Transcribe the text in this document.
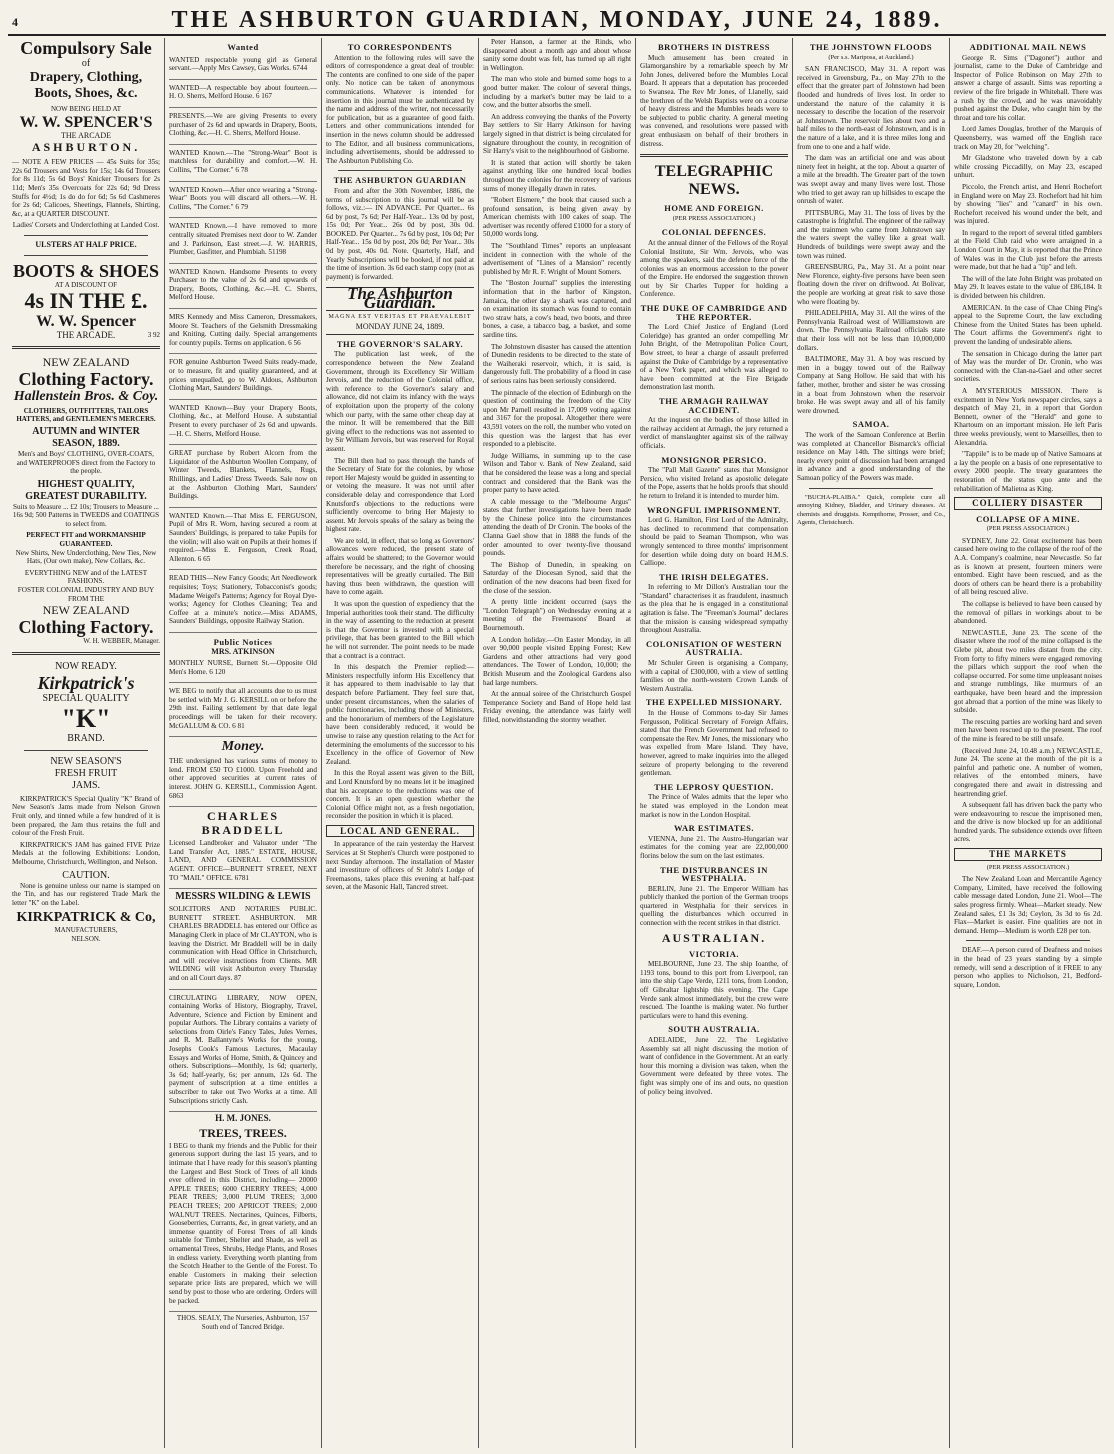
4	THE ASHBURTON GUARDIAN, MONDAY, JUNE 24, 1889.
Compulsory Sale
of
Drapery, Clothing, Boots, Shoes, &c.
NOW BEING HELD AT
W. W. SPENCER'S
THE ARCADE
ASHBURTON.

— NOTE A FEW PRICES — 45s Suits for 35s; 22s 6d Trousers and Vests for 15s; 14s 6d Trousers for 8s 11d; 5s 6d Boys' Knicker Trousers for 2s 11d; Men's 35s Overcoats for 22s 6d; 9d Dress Stuffs for 4½d; 1s do do for 6d; 5s 6d Cashmeres for 2s 6d; Calicoes, Sheetings, Flannels, Shirting, &c, at a QUARTER DISCOUNT.

Ladies' Corsets and Underclothing at Landed Cost.

ULSTERS AT HALF PRICE.
BOOTS & SHOES
AT A DISCOUNT OF
4s IN THE £.
W. W. Spencer
THE ARCADE.	3 92
NEW ZEALAND
Clothing Factory.
Hallenstein Bros. & Coy.
CLOTHIERS, OUTFITTERS, TAILORS HATTERS, and GENTLEMEN'S MERCERS.
AUTUMN and WINTER SEASON, 1889.

Men's and Boys' CLOTHING, OVER-COATS, and WATERPROOFS direct from the Factory to the people.

HIGHEST QUALITY,
GREATEST DURABILITY.

Suits to Measure ... £2 10s; Trousers to Measure ... 16s 9d; 500 Patterns in TWEEDS and COATINGS to select from.

PERFECT FIT and WORKMANSHIP GUARANTEED.

New Shirts, New Underclothing, New Ties, New Hats, (Our own make), New Collars, &c.

EVERYTHING NEW and of the LATEST FASHIONS.
FOSTER COLONIAL INDUSTRY AND BUY FROM THE
NEW ZEALAND
Clothing Factory.
W. H. WEBBER, Manager.
NOW READY.
Kirkpatrick's
SPECIAL QUALITY
"K"
BRAND.
NEW SEASON'S
FRESH FRUIT
JAMS.

KIRKPATRICK'S Special Quality "K" Brand of New Season's Jams made from Nelson Grown Fruit only, and tinned while a few hundred of it is been prepared, the Jam thus retains the full and colour of the Fresh Fruit.

KIRKPATRICK'S JAM has gained FIVE Prize Medals at the following Exhibitions: London, Melbourne, Christchurch, Wellington, and Nelson.

CAUTION.

None is genuine unless our name is stamped on the Tin, and has our registered Trade Mark the letter "K" on the Label.

KIRKPATRICK & Co,
MANUFACTURERS,
NELSON.
Wanted

WANTED respectable young girl as General servant.—Apply Mrs Cawsey, Gas Works. 6744

WANTED—A respectable boy about fourteen.—H. O. Sherrs, Melford House. 6 167

PRESENTS.—We are giving Presents to every purchaser of 2s 6d and upwards in Drapery, Boots, Clothing, &c.—H. C. Sherrs, Melford House.

WANTED Known.—The "Strong-Wear" Boot is matchless for durability and comfort.—W. H. Collins, "The Corner." 6 78

WANTED Known—After once wearing a "Strong-Wear" Boots you will discard all others.—W. H. Collins, "The Corner." 6 79

WANTED Known.—I have removed to more centrally situated Premises next door to W. Zander and J. Parkinson, East street.—J. W. HARRIS, Plumber, Gasfitter, and Plumbiah. 51198

WANTED Known. Handsome Presents to every Purchaser to the value of 2s 6d and upwards of Drapery, Boots, Clothing, &c.—H. C. Sherrs, Melford House.

MRS Kennedy and Miss Cameron, Dressmakers, Moore St. Teachers of the Gelsmith Dressmaking and Kniting. Cutting daily. Special arrangements for country pupils. Terms on application. 6 56

FOR genuine Ashburton Tweed Suits ready-made, or to measure, fit and quality guaranteed, and at prices unequalled, go to W. Aldous, Ashburton Clothing Mart, Saunders' Buildings.

WANTED Known—Buy your Drapery Boots, Clothing, &c., at Melford House. A substantial Present to every purchaser of 2s 6d and upwards.—H. C. Sherrs, Melford House.

GREAT purchase by Robert Alcorn from the Liquidator of the Ashburton Woollen Company, of Winter Tweeds, Blankets, Flannels, Rugs, Rhillings, and Ladies' Dress Tweeds. Sale now on at the Ashburton Clothing Mart, Saunders' Buildings.

WANTED Known.—That Miss E. FERGUSON, Pupil of Mrs R. Worn, having secured a room at Saunders' Buildings, is prepared to take Pupils for the violin; will also wait on Pupils at their homes if required.—Miss E. Ferguson, Creek Road, Allenton. 6 65

READ THIS—New Fancy Goods; Art Needlework requisites; Toys; Stationery, Tobacconist's goods; Madame Weigel's Patterns; Agency for Royal Dye-works; Agency for Clothes Cleaning; Tea and Coffee at a minute's notice.—Miss ADAMS, Saunders' Buildings, opposite Railway Station.

Public Notices
MRS. ATKINSON

MONTHLY NURSE, Burnett St.—Opposite Old Men's Home. 6 120

WE BEG to notify that all accounts due to us must be settled with Mr J. G. KERSILL on or before the 29th inst. Failing settlement by that date legal proceedings will be taken for their recovery. McGALLUM & CO. 6 81

Money.

THE undersigned has various sums of money to lend. FROM £50 TO £1000. Upon Freehold and other approved securities at current rates of interest. JOHN G. KERSILL, Commission Agent. 6863

CHARLES BRADDELL

Licensed Landbroker and Valuator under "The Land Transfer Act, 1885." ESTATE, HOUSE, LAND, AND GENERAL COMMISSION AGENT. OFFICE—BURNETT STREET, NEXT TO "MAIL" OFFICE. 6781

MESSRS WILDING & LEWIS

SOLICITORS AND NOTARIES PUBLIC. BURNETT STREET. ASHBURTON. MR CHARLES BRADDELL has entered our Office as Managing Clerk in place of Mr CLAYTON, who is leaving the District. Mr Braddell will be in daily communication with Head Office in Christchurch, and will receive instructions from Clients. MR WILDING will visit Ashburton every Thursday and on all Court days. 87

CIRCULATING LIBRARY, NOW OPEN, containing Works of History, Biography, Travel, Adventure, Science and Fiction by Eminent and popular Authors. The Library contains a variety of selections from Oirle's Fancy Tales, Jules Vernes, and R. M. Ballantyne's Works for the young, Josephs Cook's Famous Lectures, Macaulay Essays and Works of Home, Smith, & Quincey and others. Subscriptions—Monthly, 1s 6d; quarterly, 3s 6d; half-yearly, 6s; per annum, 12s 6d. The payment of subscription at a time entitles a subscriber to take out Two Works at a time. All Subscriptions strictly Cash.

H. M. JONES.
TREES, TREES.

I BEG to thank my friends and the Public for their generous support during the last 15 years, and to intimate that I have ready for this season's planting the Largest and Best Stock of Trees of all kinds ever offered in this District, including— 20000 APPLE TREES; 6000 CHERRY TREES; 4,000 PEAR TREES; 3,000 PLUM TREES; 3,000 PEACH TREES; 200 APRICOT TREES; 2,000 WALNUT TREES. Nectarines, Quinces, Filberts, Gooseberries, Currants, &c, in great variety, and an immense quantity of Forest Trees of all kinds suitable for Timber, Shelter and Shade, as well as ornamental Trees, Shrubs, Hedge Plants, and Roses in endless variety. Everything worth planting from the Scotch Heather to the Gentle of the Forest. To enable Customers in making their selection separate price lists are prepared, which we will send by post to those who are ordering. Orders will be packed.

THOS. SEALY, The Nurseries, Ashburton, 157 South end of Tancred Bridge.
TO CORRESPONDENTS

Attention to the following rules will save the editors of correspondence a great deal of trouble: The contents are confined to one side of the paper only. No notice can be taken of anonymous communications. Whatever is intended for insertion in this journal must be authenticated by the name and address of the writer, not necessarily for publication, but as a guarantee of good faith. Letters and other communications intended for insertion in the news column should be addressed to The Editor, and all business communications, including advertisements, should be addressed to The Ashburton Publishing Co.

THE ASHBURTON GUARDIAN

From and after the 30th November, 1886, the terms of subscription to this journal will be as follows, viz.:— IN ADVANCE. Per Quarter... 6s 6d by post, 7s 6d; Per Half-Year... 13s 0d by post, 15s 0d; Per Year... 26s 0d by post, 30s 0d. BOOKED. Per Quarter... 7s 6d by post, 10s 0d; Per Half-Year... 15s 0d by post, 20s 0d; Per Year... 30s 0d by post, 40s 0d. Note. Quarterly, Half, and Yearly Subscriptions will be booked, if not paid at the time of insertion. 3s 6d each stamp copy (not as payment) is forwarded.

The Ashburton Guardian.
MAGNA EST VERITAS ET PRAEVALEBIT
MONDAY JUNE 24, 1889.
THE GOVERNOR'S SALARY.

The publication last week, of the correspondence between the New Zealand Government, through its Excellency Sir William Jervois, and the reduction of the Colonial office, with reference to the Governor's salary and allowance, did not claim its infancy with the ways of exploitation upon the property of the colony which our party, with the same other cheap day at the minor. It will be remembered that the Bill giving effect to the reductions was not assented to by Sir William Jervois, but was reserved for Royal assent.

The Bill then had to pass through the hands of the Secretary of State for the colonies, by whose report Her Majesty would be guided in assenting to or vetoing the measure. It was not until after considerable delay and correspondence that Lord Knutsford's objections to the reductions were sufficiently overcome to bring Her Majesty to assent. Mr Jervois speaks of the salary as being the highest rate.

We are told, in effect, that so long as Governors' allowances were reduced, the present state of affairs would be shattered; to the Governor would therefore be necessary, and the right of choosing representatives will be greatly curtailed. The Bill having thus been withdrawn, the question will have to come again.

It was upon the question of expediency that the Imperial authorities took their stand. The difficulty in the way of assenting to the reduction at present is that the Governor is invested with a special privilege, that has been granted to the Bill which he will not surrender. The point needs to be made that a contract is a contract.

In this despatch the Premier replied:— Ministers respectfully inform His Excellency that it has appeared to them inadvisable to lay that despatch before Parliament. They feel sure that, under present circumstances, when the salaries of public functionaries, including those of Ministers, and the honorarium of members of the Legislature have been considerably reduced, it would be unwise to raise any question relating to the Act for determining the emoluments of the successor to his Excellency in the office of Governor of New Zealand.

In this the Royal assent was given to the Bill, and Lord Knutsford by no means let it be imagined that his acceptance to the reductions was one of concern. It is an open question whether the Colonial Office might not, as a fresh negotiation, reconsider the position in which it is placed.

LOCAL AND GENERAL.

In appearance of the rain yesterday the Harvest Services at St Stephen's Church were postponed to next Sunday afternoon. The installation of Master and investiture of officers of St John's Lodge of Freemasons, takes place this evening at half-past seven, at the Masonic Hall, Tancred street.

Peter Hanson, a farmer at the Rinds, who disappeared about a month ago and about whose sanity some doubt was felt, has turned up all right in Wellington.

The man who stole and burned some hogs to a good butter maker. The colour of several things, including by a market's butter may be laid to a cow, and the butter absorbs the smell.

An address conveying the thanks of the Poverty Bay settlers to Sir Harry Atkinson for having largely signed in that district is being circulated for signature throughout the county, in recognition of Sir Harry's visit to the neighbourhood of Gisborne.

It is stated that action will shortly be taken against anything like one hundred local bodies throughout the colonies for the recovery of various sums of money illegally drawn in rates.

"Robert Elsmere," the book that caused such a profound sensation, is being given away by American chemists with 100 cakes of soap. The advertiser was recently offered £1000 for a story of 50,000 words long.

The "Southland Times" reports an unpleasant incident in connection with the whole of the advertisement of "Lines of a Mansion" recently published by Mr R. F. Wright of Mount Somers.

The "Boston Journal" supplies the interesting information that in the harbor of Kingston, Jamaica, the other day a shark was captured, and on examination its stomach was found to contain two straw hats, a cow's head, two boots, and three bones, a case, a tabacco bag, a basket, and some sardine tins.

The Johnstown disaster has caused the attention of Dunedin residents to be directed to the state of the Waiheraki reservoir, which, it is said, is dangerously full. The probability of a flood in case of serious rains has been seriously considered.

The pinnacle of the election of Edinburgh on the question of continuing the freedom of the City upon Mr Parnell resulted in 17,009 voting against and 3167 for the proposal. Altogether there were 43,591 voters on the roll, the number who voted on this question was the largest that has ever responded to a plebiscite.

Judge Williams, in summing up to the case Wilson and Tabor v. Bank of New Zealand, said that he considered the lease was a long and special contract and considered that the Bank was the proper party to have acted.

A cable message to the "Melbourne Argus" states that further investigations have been made by the Chinese police into the circumstances attending the death of Dr Cronin. The books of the Clanna Gael show that in 1888 the funds of the order amounted to over twenty-five thousand pounds.

The Bishop of Dunedin, in speaking on Saturday of the Diocesan Synod, said that the ordination of the new deacons had been fixed for the close of the session.

A pretty little incident occurred (says the "London Telegraph") on Wednesday evening at a meeting of the Freemasons' Board at Bournemouth.

A London holiday.—On Easter Monday, in all over 90,000 people visited Epping Forest; Kew Gardens and other attractions had very good attendances. The Tower of London, 10,000; the British Museum and the Zoological Gardens also had large numbers.

At the annual soiree of the Christchurch Gospel Temperance Society and Band of Hope held last Friday evening, the attendance was fairly well filled, notwithstanding the stormy weather.

BROTHERS IN DISTRESS

Much amusement has been created in Glamorganshire by a remarkable speech by Mr John Jones, delivered before the Mumbles Local Board. It appears that a deputation has proceeded to Swansea. The Rev Mr Jones, of Llanelly, said the brethren of the Welsh Baptists were on a course of heavy distress and the Mumbles heads were to be subjected to public charity. A general meeting was convened, and resolutions were passed with great enthusiasm on behalf of their brothers in distress.

TELEGRAPHIC NEWS.
HOME AND FOREIGN.
(PER PRESS ASSOCIATION.)
COLONIAL DEFENCES.

At the annual dinner of the Fellows of the Royal Colonial Institute, Sir Wm. Jervois, who was among the speakers, said the defence force of the colonies was an enormous accession to the power of the Empire. He endorsed the suggestion thrown out by Sir Charles Tupper for holding a Conference.

THE DUKE OF CAMBRIDGE AND THE REPORTER.

The Lord Chief Justice of England (Lord Coleridge) has granted an order compelling Mr John Bright, of the Metropolitan Police Court, Bow street, to hear a charge of assault preferred against the Duke of Cambridge by a representative of a New York paper, and which was alleged to have been committed at the Fire Brigade demonstration last month.

THE ARMAGH RAILWAY ACCIDENT.

At the inquest on the bodies of those killed in the railway accident at Armagh, the jury returned a verdict of manslaughter against six of the railway officials.

MONSIGNOR PERSICO.

The "Pall Mall Gazette" states that Monsignor Persico, who visited Ireland as apostolic delegate of the Pope, asserts that he holds proofs that should he return to Ireland it is intended to murder him.

WRONGFUL IMPRISONMENT.

Lord G. Hamilton, First Lord of the Admiralty, has declined to recommend that compensation should be paid to Seaman Thompson, who was wrongly sentenced to three months' imprisonment for desertion while doing duty on board H.M.S. Calliope.

THE IRISH DELEGATES.

In referring to Mr Dillon's Australian tour the "Standard" characterises it as fraudulent, inasmuch as the plea that he is engaged in a constitutional agitation is false. The "Freeman's Journal" declares that the mission is causing widespread sympathy throughout Australia.

COLONISATION OF WESTERN AUSTRALIA.

Mr Schuler Green is organising a Company, with a capital of £300,000, with a view of settling families on the north-western Crown Lands of Western Australia.

THE EXPELLED MISSIONARY.

In the House of Commons to-day Sir James Fergusson, Political Secretary of Foreign Affairs, stated that the French Government had refused to compensate the Rev. Mr Jones, the missionary who was expelled from Mare Island. They have, however, agreed to make inquiries into the alleged seizure of property belonging to the reverend gentleman.

THE LEPROSY QUESTION.

The Prince of Wales admits that the leper who he stated was employed in the London meat market is now in the London Hospital.

WAR ESTIMATES.

VIENNA, June 21. The Austro-Hungarian war estimates for the coming year are 22,000,000 florins below the sum on the last estimates.

THE DISTURBANCES IN WESTPHALIA.

BERLIN, June 21. The Emperor William has publicly thanked the portion of the German troops quartered in Westphalia for their services in quelling the disturbances which occurred in connection with the recent strikes in that district.

AUSTRALIAN.
VICTORIA.

MELBOURNE, June 23. The ship Ioanthe, of 1193 tons, bound to this port from Liverpool, ran into the ship Cape Verde, 1211 tons, from London, off Gibraltar lightship this evening. The Cape Verde sank almost immediately, but the crew were rescued. The Ioanthe is making water. No further particulars were to hand this evening.

SOUTH AUSTRALIA.

ADELAIDE, June 22. The Legislative Assembly sat all night discussing the motion of want of confidence in the Government. At an early hour this morning a division was taken, when the Government were defeated by three votes. The fight was simply one of ins and outs, no question of policy being involved.

THE JOHNSTOWN FLOODS
(Per s.s. Mariposa, at Auckland.)

SAN FRANCISCO, May 31. A report was received in Greensburg, Pa., on May 27th to the effect that the greater part of Johnstown had been flooded and hundreds of lives lost. In order to understand the nature of the calamity it is necessary to describe the location of the reservoir at Johnstown. The reservoir lies about two and a half miles to the north-east of Johnstown, and is in the nature of a lake, and it is three miles long and from one to one and a half wide.

The dam was an artificial one and was about ninety feet in height, at the top. About a quarter of a mile at the breadth. The Greater part of the town was swept away and many lives were lost. Those who tried to get away ran up hillsides to escape the onrush of water.

PITTSBURG, May 31. The loss of lives by the catastrophe is frightful. The engineer of the railway and the trainmen who came from Johnstown say the waters swept the valley like a great wall. Hundreds of buildings were swept away and the town was ruined.

GREENSBURG, Pa., May 31. At a point near New Florence, eighty-five persons have been seen floating down the river on driftwood. At Bolivar, the people are working at great risk to save those who were floating by.

PHILADELPHIA, May 31. All the wires of the Pennsylvania Railroad west of Williamstown are down. The Pennsylvania Railroad officials state that their loss will not be less than 10,000,000 dollars.

BALTIMORE, May 31. A boy was rescued by men in a buggy towed out of the Railway Company at Sang Hollow. He said that with his father, mother, brother and sister he was crossing in a boat from Johnstown when the reservoir broke. He was swept away and all of his family were drowned.

SAMOA.

The work of the Samoan Conference at Berlin was completed at Chancellor Bismarck's official residence on May 14th. The sittings were brief; nearly every point of discussion had been arranged in advance and a good understanding of the Samoan policy of the Powers was made.

"BUCHA-PLAIBA." Quick, complete cure all annoying Kidney, Bladder, and Urinary diseases. At chemists and druggists. Kempthorne, Prosser, and Co., Agents, Christchurch.

ADDITIONAL MAIL NEWS

George R. Sims ("Dagonet") author and journalist, came to the Duke of Cambridge and Inspector of Police Robinson on May 27th to answer a charge of assault. Sims was reporting a review of the fire brigade in Whitehall. There was a rush by the crowd, and he was unavoidably pushed against the Duke, who caught him by the throat and tore his collar.

Lord James Douglas, brother of the Marquis of Queensberry, was warned off the English race track on May 20, for "welching".

Mr Gladstone who traveled down by a cab while crossing Piccadilly, on May 23, escaped unhurt.

Piccolo, the French artist, and Henri Rochefort in England were on May 23. Rochefort had hit him by showing "lies" and "canard" in his own. Rochefort received his wound under the belt, and was injured.

In regard to the report of several titled gamblers at the Field Club raid who were arraigned in a London Court in May, it is reported that the Prince of Wales was in the Club just before the arrests were made, but that he had a "tip" and left.

The will of the late John Bright was probated on May 29. It leaves estate to the value of £86,184. It is divided between his children.

AMERICAN. In the case of Chae Ching Ping's appeal to the Supreme Court, the law excluding Chinese from the United States has been upheld. The Court affirms the Government's right to prevent the landing of undesirable aliens.

The sensation in Chicago during the latter part of May was the murder of Dr. Cronin, who was connected with the Clan-na-Gael and other secret societies.

A MYSTERIOUS MISSION. There is excitement in New York newspaper circles, says a despatch of May 21, in a report that Gordon Bennett, owner of the "Herald" and gone to Khartoum on an important mission. He left Paris three weeks previously, went to Marseilles, then to Alexandria.

"Tappile" is to be made up of Native Samoans at a lay the people on a basis of one representative to every 2000 people. The treaty guarantees the restoration of the status quo ante and the rehabilitation of Malietoa as King.

COLLIERY DISASTER
COLLAPSE OF A MINE.
(PER PRESS ASSOCIATION.)

SYDNEY, June 22. Great excitement has been caused here owing to the collapse of the roof of the A.A. Company's coalmine, near Newcastle. So far as is known at present, fourteen miners were entombed. Eight have been rescued, and as the doors of others can be heard there is a probability of all being rescued alive.

The collapse is believed to have been caused by the removal of pillars in workings about to be abandoned.

NEWCASTLE, June 23. The scene of the disaster where the roof of the mine collapsed is the Glebe pit, about two miles distant from the city. From forty to fifty miners were engaged removing the pillars which support the roof when the collapse occurred. For some time unpleasant noises and strange rumblings, like murmurs of an earthquake, have been heard and the impression got abroad that a portion of the mine was likely to subside.

The rescuing parties are working hard and seven men have been rescued up to the present. The roof of the mine is feared to be still unsafe.

(Received June 24, 10.48 a.m.) NEWCASTLE, June 24. The scene at the mouth of the pit is a painful and pathetic one. A number of women, relatives of the entombed miners, have congregated there and await in distressing and heartrending grief.

A subsequent fall has driven back the party who were endeavouring to rescue the imprisoned men, and the drive is now blocked up for an additional hundred yards. The subsidence extends over fifteen acres.

THE MARKETS
(PER PRESS ASSOCIATION.)

The New Zealand Loan and Mercantile Agency Company, Limited, have received the following cable message dated London, June 21. Wool—The sales progress firmly. Wheat—Market steady. New Zealand sales, £1 3s 3d; Ceylon, 3s 3d to 6s 2d. Flax—Market is easier. Fine qualities are not in demand. Hemp—Medium is worth £28 per ton.

DEAF.—A person cured of Deafness and noises in the head of 23 years standing by a simple remedy, will send a description of it FREE to any person who applies to Nicholson, 21, Bedford-square, London.
